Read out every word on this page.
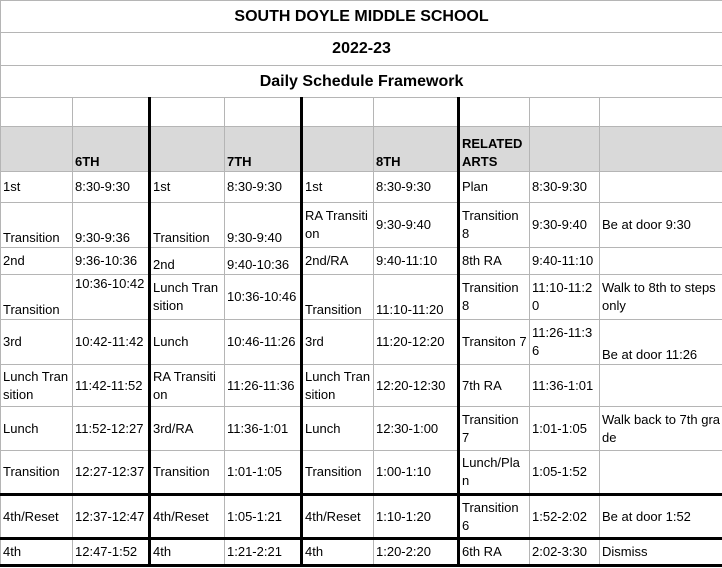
SOUTH DOYLE MIDDLE SCHOOL								
2022-23								
Daily Schedule Framework								

	6TH		7TH		8TH	RELATED ARTS		
1st	8:30-9:30	1st	8:30-9:30	1st	8:30-9:30	Plan	8:30-9:30	
Transition	9:30-9:36	Transition	9:30-9:40	RA Transition	9:30-9:40	Transition 8	9:30-9:40	Be at door 9:30
2nd	9:36-10:36	2nd	9:40-10:36	2nd/RA	9:40-11:10	8th RA	9:40-11:10	
Transition	10:36-10:42	Lunch Transition	10:36-10:46	Transition	11:10-11:20	Transition 8	11:10-11:20	Walk to 8th to steps only
3rd	10:42-11:42	Lunch	10:46-11:26	3rd	11:20-12:20	Transiton 7	11:26-11:36	Be at door 11:26
Lunch Transition	11:42-11:52	RA Transition	11:26-11:36	Lunch Transition	12:20-12:30	7th RA	11:36-1:01	
Lunch	11:52-12:27	3rd/RA	11:36-1:01	Lunch	12:30-1:00	Transition 7	1:01-1:05	Walk back to 7th grade
Transition	12:27-12:37	Transition	1:01-1:05	Transition	1:00-1:10	Lunch/Plan	1:05-1:52	
4th/Reset	12:37-12:47	4th/Reset	1:05-1:21	4th/Reset	1:10-1:20	Transition 6	1:52-2:02	Be at door 1:52
4th	12:47-1:52	4th	1:21-2:21	4th	1:20-2:20	6th RA	2:02-3:30	Dismiss
